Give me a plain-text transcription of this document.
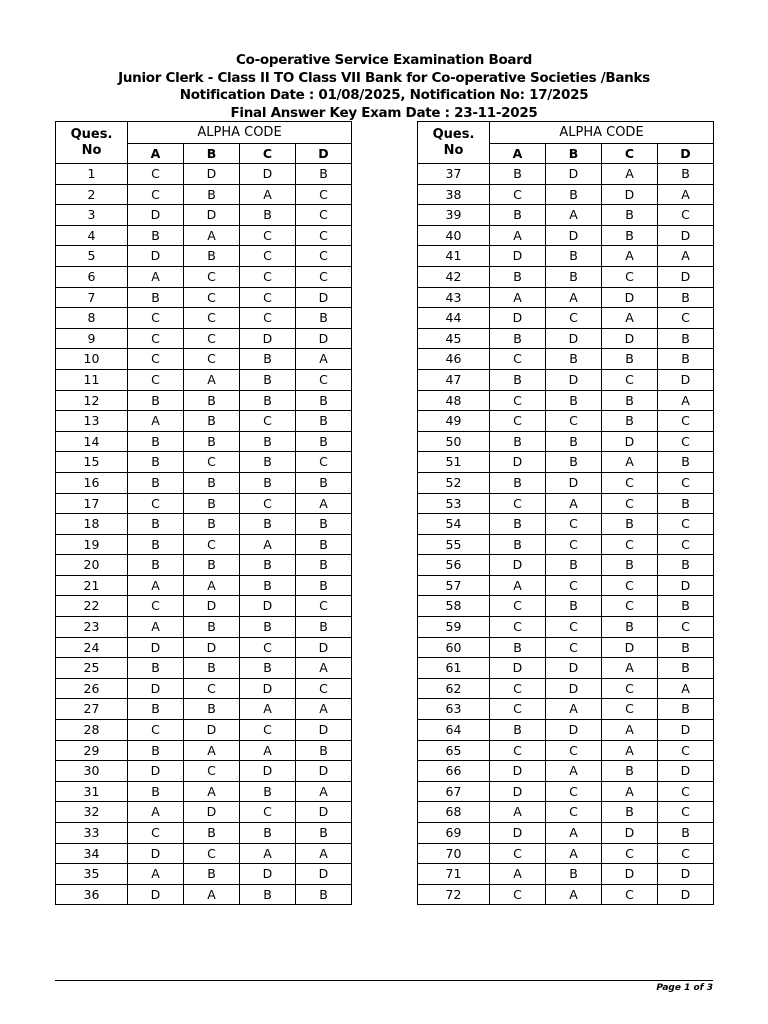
Co-operative Service Examination Board
Junior Clerk - Class II TO Class VII Bank for Co-operative Societies /Banks
Notification Date : 01/08/2025, Notification No: 17/2025
Final Answer Key Exam Date : 23-11-2025
Ques.
No	ALPHA CODE			
	A	B	C	D
1	C	D	D	B
2	C	B	A	C
3	D	D	B	C
4	B	A	C	C
5	D	B	C	C
6	A	C	C	C
7	B	C	C	D
8	C	C	C	B
9	C	C	D	D
10	C	C	B	A
11	C	A	B	C
12	B	B	B	B
13	A	B	C	B
14	B	B	B	B
15	B	C	B	C
16	B	B	B	B
17	C	B	C	A
18	B	B	B	B
19	B	C	A	B
20	B	B	B	B
21	A	A	B	B
22	C	D	D	C
23	A	B	B	B
24	D	D	C	D
25	B	B	B	A
26	D	C	D	C
27	B	B	A	A
28	C	D	C	D
29	B	A	A	B
30	D	C	D	D
31	B	A	B	A
32	A	D	C	D
33	C	B	B	B
34	D	C	A	A
35	A	B	D	D
36	D	A	B	B
Ques.
No	ALPHA CODE			
	A	B	C	D
37	B	D	A	B
38	C	B	D	A
39	B	A	B	C
40	A	D	B	D
41	D	B	A	A
42	B	B	C	D
43	A	A	D	B
44	D	C	A	C
45	B	D	D	B
46	C	B	B	B
47	B	D	C	D
48	C	B	B	A
49	C	C	B	C
50	B	B	D	C
51	D	B	A	B
52	B	D	C	C
53	C	A	C	B
54	B	C	B	C
55	B	C	C	C
56	D	B	B	B
57	A	C	C	D
58	C	B	C	B
59	C	C	B	C
60	B	C	D	B
61	D	D	A	B
62	C	D	C	A
63	C	A	C	B
64	B	D	A	D
65	C	C	A	C
66	D	A	B	D
67	D	C	A	C
68	A	C	B	C
69	D	A	D	B
70	C	A	C	C
71	A	B	D	D
72	C	A	C	D
Page 1 of 3
